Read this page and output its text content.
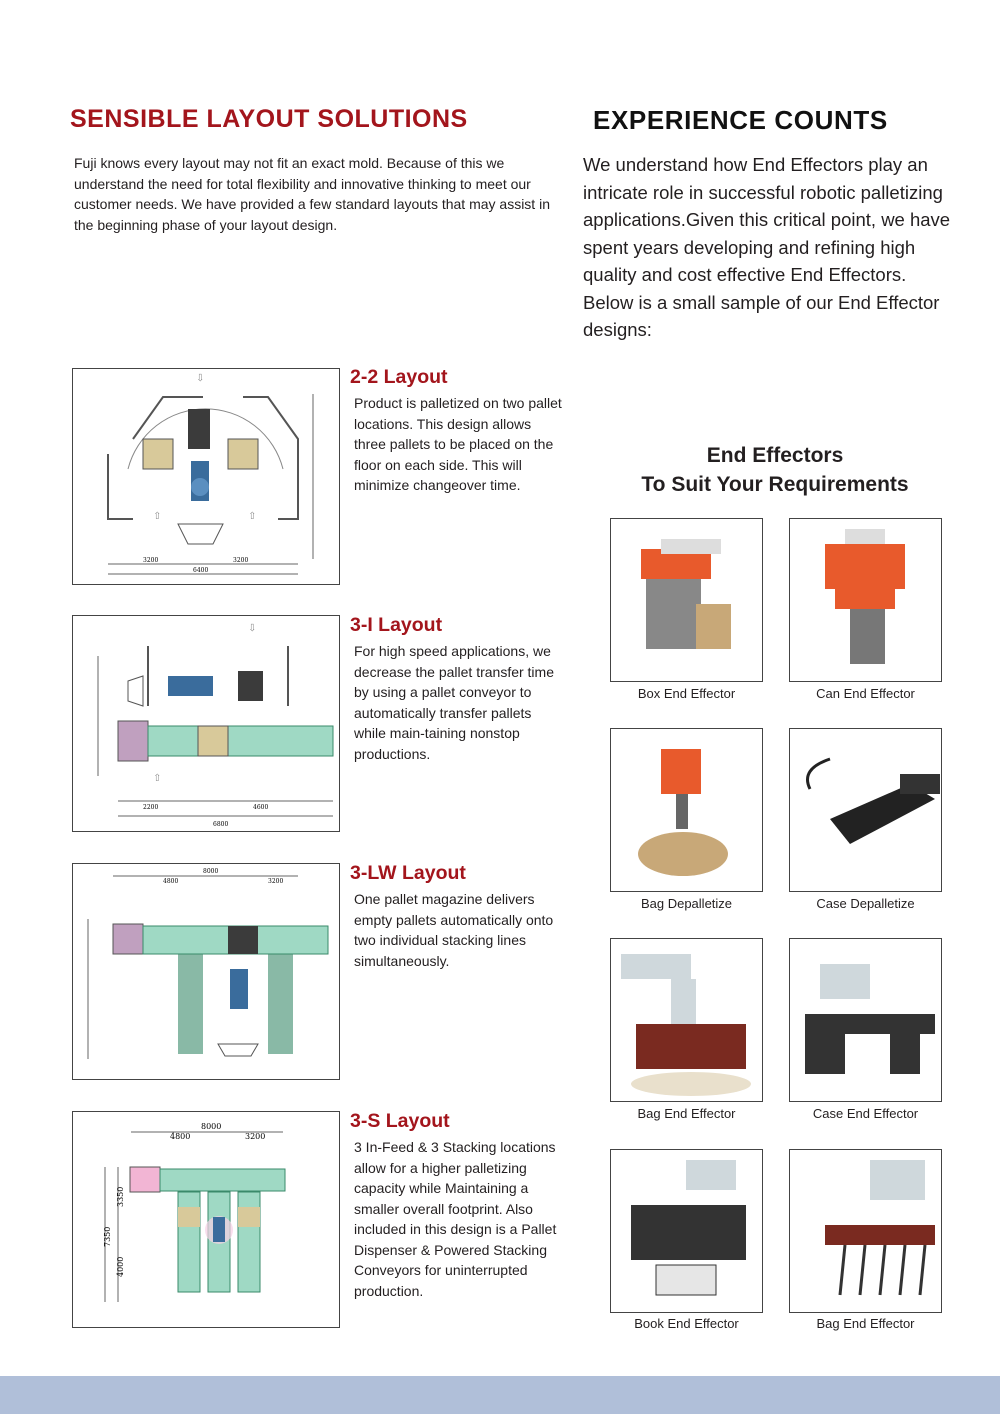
SENSIBLE LAYOUT SOLUTIONS	EXPERIENCE COUNTS
Fuji knows every layout may not fit an exact mold. Because of this we understand the need for total flexibility and innovative thinking to meet our customer needs. We have provided a few standard layouts that may assist in the beginning phase of your layout design.
We understand how End Effectors play an intricate role in successful robotic palletizing applications.Given this critical point, we have spent years developing and refining high quality and cost effective End Effectors. Below is a small sample of our End Effector designs:
⇩
⇧	⇧
3200	3200
6400
2-2 Layout
Product is palletized on two pallet locations. This design allows three pallets to be placed on the floor on each side. This will minimize changeover time.
⇩
⇧
2200	4600
6800
3-I Layout
For high speed applications, we decrease the pallet transfer time by using a pallet conveyor to automatically transfer pallets while main-taining nonstop productions.
8000
4800	3200	3-LW Layout
One pallet magazine delivers empty pallets automatically onto two individual stacking lines simultaneously.
8000
4800	3200
3350
7350
4000
3-S Layout
3 In-Feed & 3 Stacking locations allow for a higher palletizing capacity while Maintaining a smaller overall footprint. Also included in this design is a Pallet Dispenser & Powered Stacking Conveyors for uninterrupted production.
End Effectors
To Suit Your Requirements
Box End Effector	Can End Effector
Bag Depalletize	Case Depalletize
Bag End Effector	Case End Effector
Book End Effector	Bag End Effector
